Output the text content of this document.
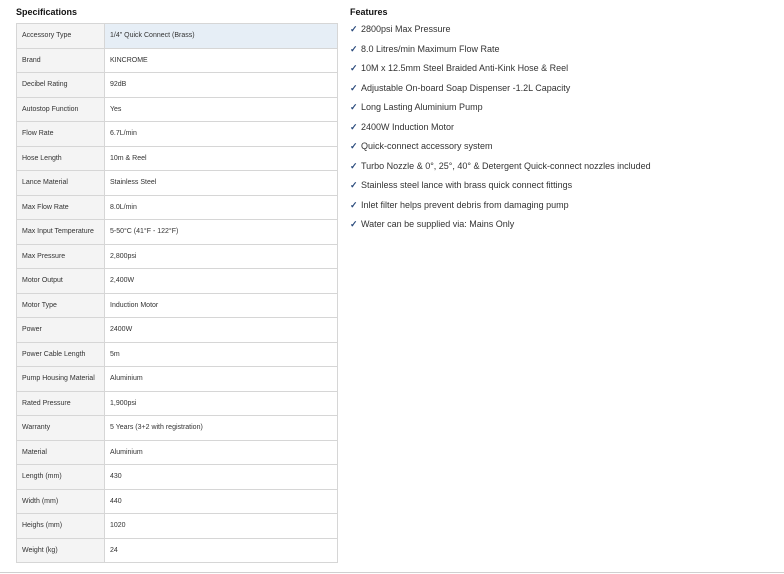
Specifications
Accessory Type	1/4" Quick Connect (Brass)
Brand	KINCROME
Decibel Rating	92dB
Autostop Function	Yes
Flow Rate	6.7L/min
Hose Length	10m & Reel
Lance Material	Stainless Steel
Max Flow Rate	8.0L/min
Max Input Temperature	5-50°C (41°F - 122°F)
Max Pressure	2,800psi
Motor Output	2,400W
Motor Type	Induction Motor
Power	2400W
Power Cable Length	5m
Pump Housing Material	Aluminium
Rated Pressure	1,900psi
Warranty	5 Years (3+2 with registration)
Material	Aluminium
Length (mm)	430
Width (mm)	440
Heighs (mm)	1020
Weight (kg)	24
Features
✓ 2800psi Max Pressure
✓ 8.0 Litres/min Maximum Flow Rate
✓ 10M x 12.5mm Steel Braided Anti-Kink Hose & Reel
✓ Adjustable On-board Soap Dispenser -1.2L Capacity
✓ Long Lasting Aluminium Pump
✓ 2400W Induction Motor
✓ Quick-connect accessory system
✓ Turbo Nozzle & 0°, 25°, 40° & Detergent Quick-connect nozzles included
✓ Stainless steel lance with brass quick connect fittings
✓ Inlet filter helps prevent debris from damaging pump
✓ Water can be supplied via: Mains Only
